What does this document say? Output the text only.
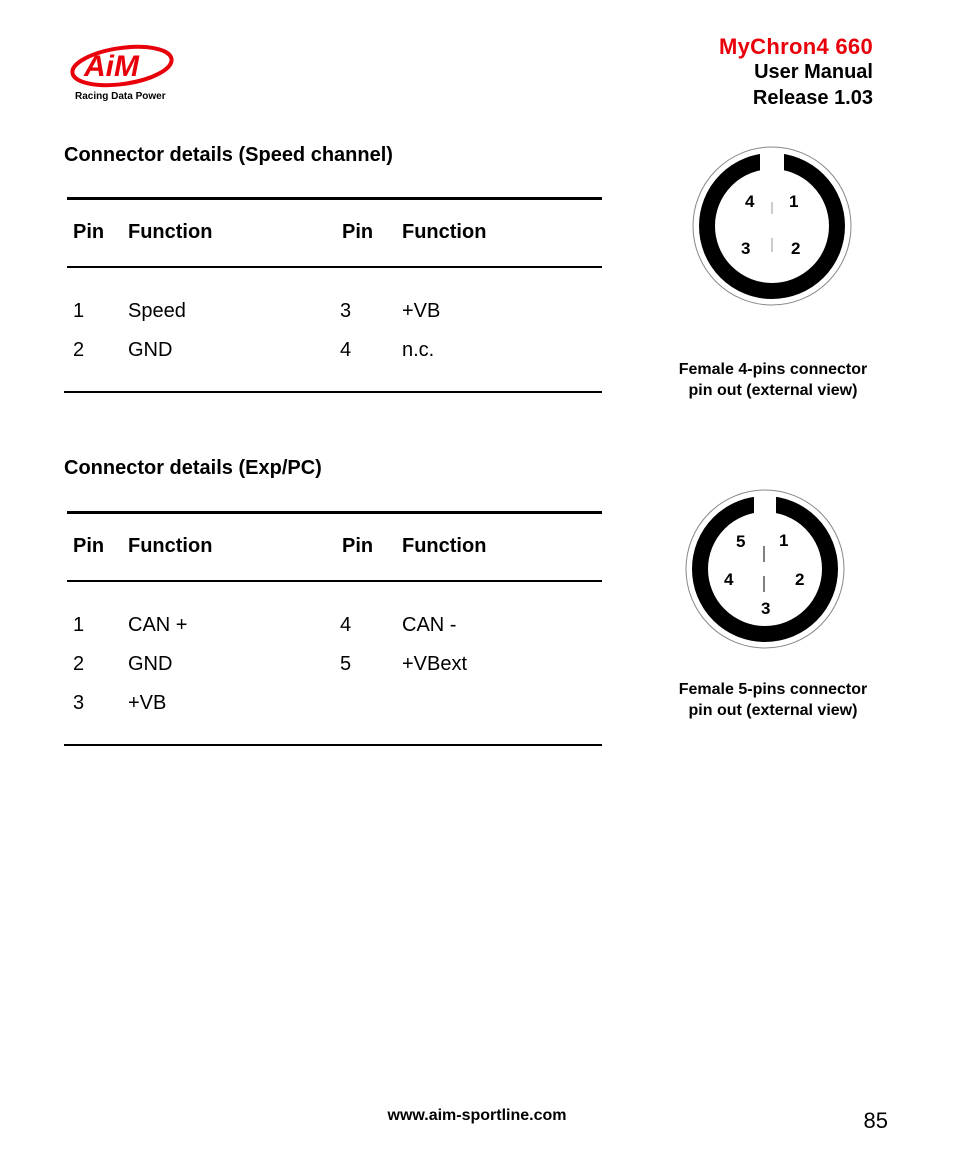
AiM
Racing Data Power
MyChron4 660
User Manual
Release 1.03
Connector details (Speed channel)
Pin Function	Pin Function
1 Speed	3	+VB
2 GND	4	n.c.
4 1
3 2
Female 4-pins connector
pin out (external view)
Connector details (Exp/PC)
Pin Function	Pin Function
1 CAN +	4	CAN -
2 GND	5	+VBext
3 +VB
5 1
4	2
3
Female 5-pins connector
pin out (external view)
www.aim-sportline.com	85
